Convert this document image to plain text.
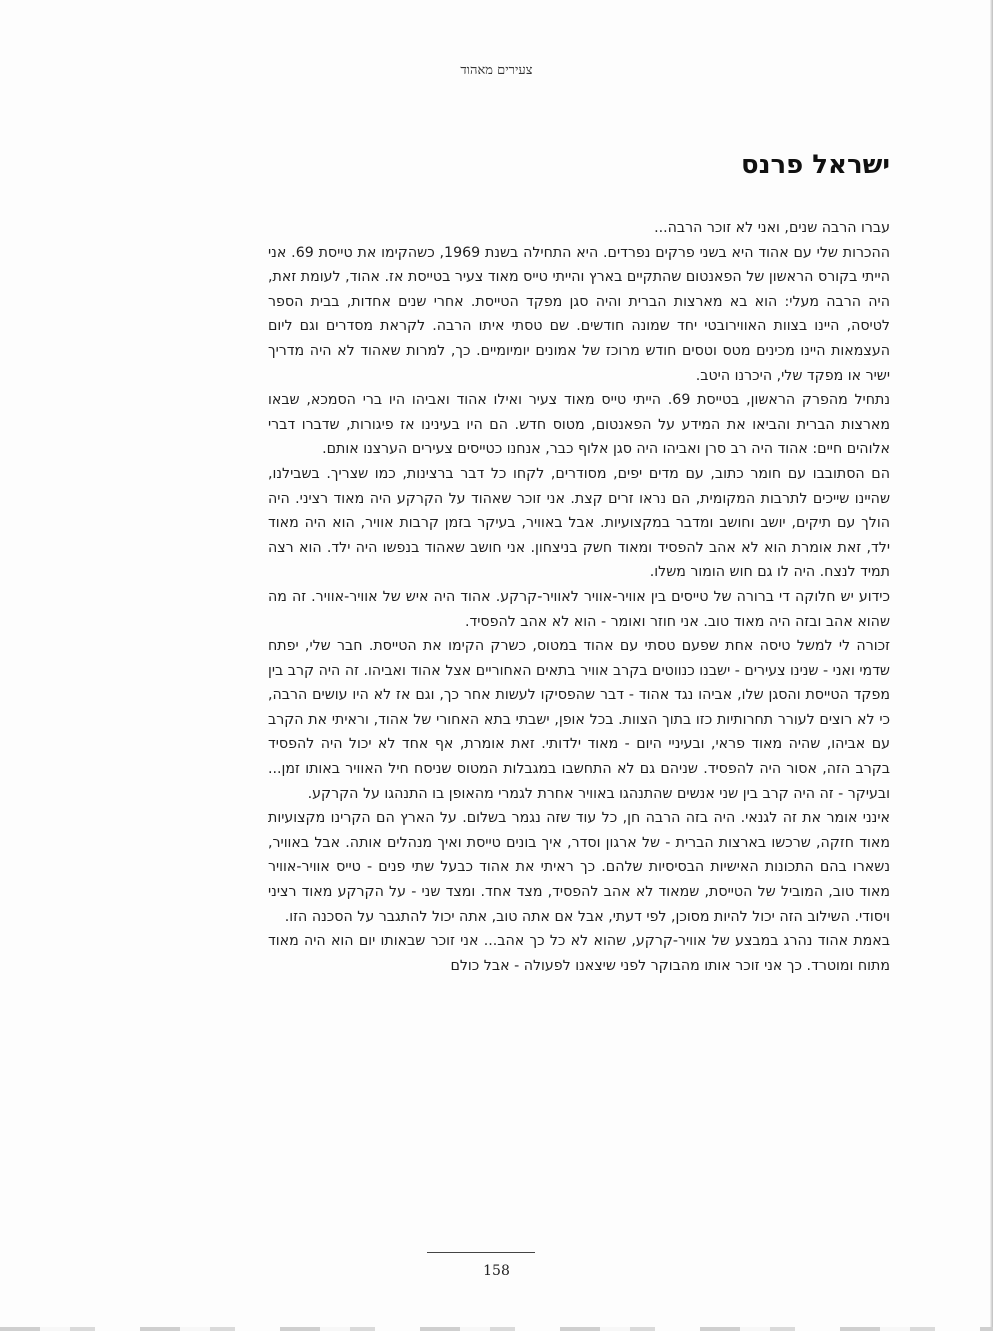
צעירים מאהוד
ישראל פרנס

עברו הרבה שנים, ואני לא זוכר הרבה...

ההכרות שלי עם אהוד היא בשני פרקים נפרדים. היא התחילה בשנת 1969, כשהקימו את טייסת 69. אני הייתי בקורס הראשון של הפאנטום שהתקיים בארץ והייתי טייס מאוד צעיר בטייסת אז. אהוד, לעומת זאת, היה הרבה מעלי: הוא בא מארצות הברית והיה סגן מפקד הטייסת. אחרי שנים אחדות, בבית הספר לטיסה, היינו בצוות האווירובטי יחד שמונה חודשים. שם טסתי איתו הרבה. לקראת מסדרים וגם ליום העצמאות היינו מכינים מטס וטסים חודש מרוכז של אמונים יומיומיים. כך, למרות שאהוד לא היה מדריך ישיר או מפקד שלי, היכרנו היטב.

נתחיל מהפרק הראשון, בטייסת 69. הייתי טייס מאוד צעיר ואילו אהוד ואביהו היו ברי הסמכא, שבאו מארצות הברית והביאו את המידע על הפאנטום, מטוס חדש. הם היו בעינינו אז פיגורות, שדברו דברי אלוהים חיים: אהוד היה רב סרן ואביהו היה סגן אלוף כבר, אנחנו כטייסים צעירים הערצנו אותם.

הם הסתובבו עם חומר כתוב, עם מדים יפים, מסודרים, לקחו כל דבר ברצינות, כמו שצריך. בשבילנו, שהיינו שייכים לתרבות המקומית, הם נראו זרים קצת. אני זוכר שאהוד על הקרקע היה מאוד רציני. היה הולך עם תיקים, יושב וחושב ומדבר במקצועיות. אבל באוויר, בעיקר בזמן קרבות אוויר, הוא היה מאוד ילד, זאת אומרת הוא לא אהב להפסיד ומאוד חשק בניצחון. אני חושב שאהוד בנפשו היה ילד. הוא רצה תמיד לנצח. היה לו גם חוש הומור משלו.

כידוע יש חלוקה די ברורה של טייסים בין אוויר-אוויר לאוויר-קרקע. אהוד היה איש של אוויר-אוויר. זה מה שהוא אהב ובזה היה מאוד טוב. אני חוזר ואומר - הוא לא אהב להפסיד.

זכורה לי למשל טיסה אחת שפעם טסתי עם אהוד במטוס, כשרק הקימו את הטייסת. חבר שלי, יפתח שדמי ואני - שנינו צעירים - ישבנו כנווטים בקרב אוויר בתאים האחוריים אצל אהוד ואביהו. זה היה קרב בין מפקד הטייסת והסגן שלו, אביהו נגד אהוד - דבר שהפסיקו לעשות אחר כך, וגם אז לא היו עושים הרבה, כי לא רוצים לעורר תחרותיות כזו בתוך הצוות. בכל אופן, ישבתי בתא האחורי של אהוד, וראיתי את הקרב עם אביהו, שהיה מאוד פראי, ובעיניי היום - מאוד ילדותי. זאת אומרת, אף אחד לא יכול היה להפסיד בקרב הזה, אסור היה להפסיד. שניהם גם לא התחשבו במגבלות המטוס שניסח חיל האוויר באותו זמן... ובעיקר - זה היה קרב בין שני אנשים שהתנהגו באוויר אחרת לגמרי מהאופן בו התנהגו על הקרקע.

אינני אומר את זה לגנאי. היה בזה הרבה חן, כל עוד שזה נגמר בשלום. על הארץ הם הקרינו מקצועיות מאוד חזקה, שרכשו בארצות הברית - של ארגון וסדר, איך בונים טייסת ואיך מנהלים אותה. אבל באוויר, נשארו בהם התכונות האישיות הבסיסיות שלהם. כך ראיתי את אהוד כבעל שתי פנים - טייס אוויר-אוויר מאוד טוב, המוביל של הטייסת, שמאוד לא אהב להפסיד, מצד אחד. ומצד שני - על הקרקע מאוד רציני ויסודי. השילוב הזה יכול להיות מסוכן, לפי דעתי, אבל אם אתה טוב, אתה יכול להתגבר על הסכנה הזו.

באמת אהוד נהרג במבצע של אוויר-קרקע, שהוא לא כל כך אהב... אני זוכר שבאותו יום הוא היה מאוד מתוח ומוטרד. כך אני זוכר אותו מהבוקר לפני שיצאנו לפעולה - אבל כולם

158
